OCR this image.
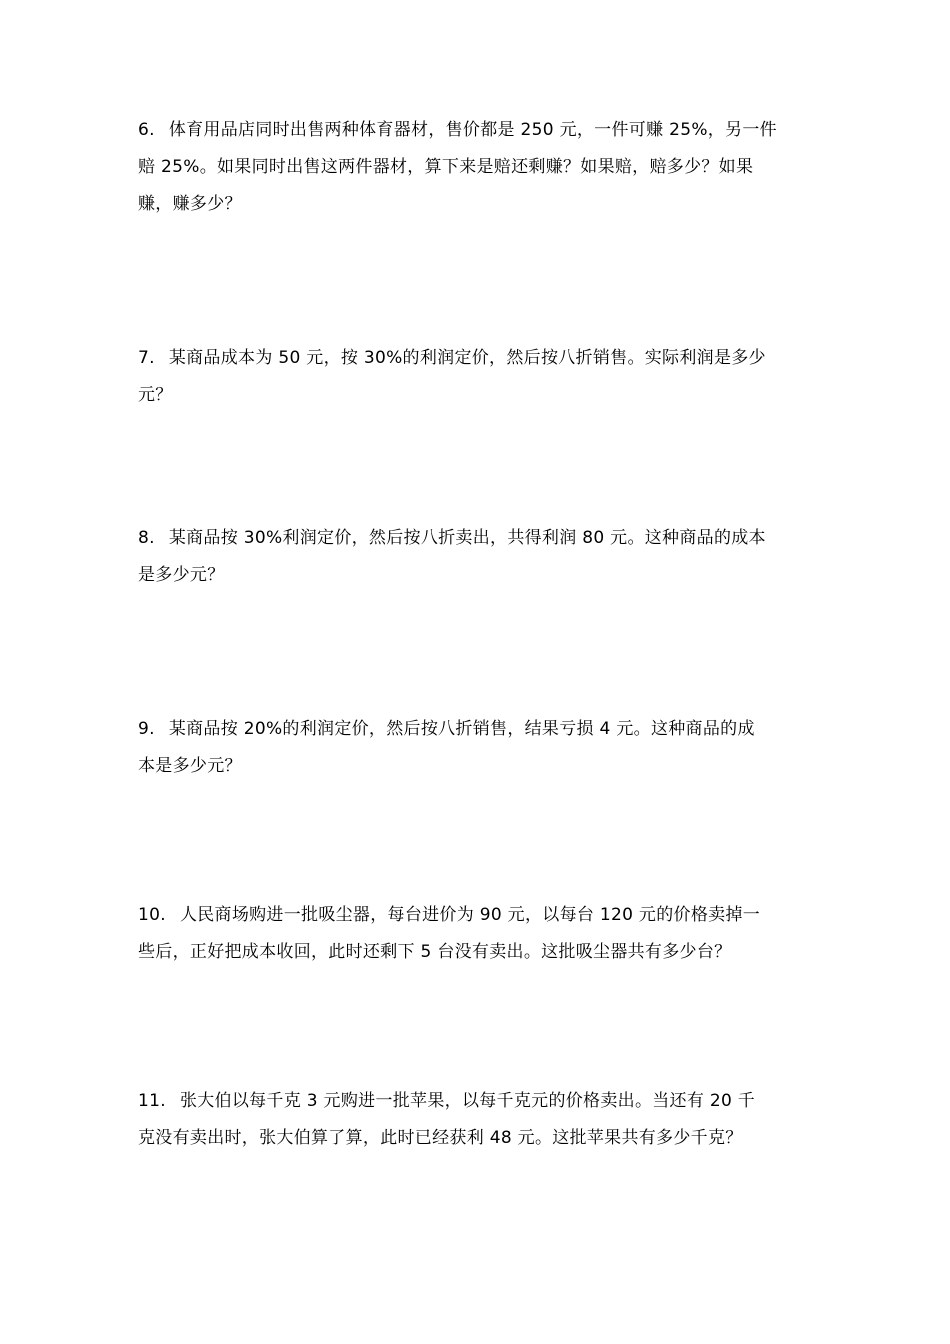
6. 体育用品店同时出售两种体育器材，售价都是 250 元，一件可赚 25%，另一件
赔 25%。如果同时出售这两件器材，算下来是赔还剩赚？如果赔，赔多少？如果
赚，赚多少？
7. 某商品成本为 50 元，按 30%的利润定价，然后按八折销售。实际利润是多少
元？
8. 某商品按 30%利润定价，然后按八折卖出，共得利润 80 元。这种商品的成本
是多少元？
9. 某商品按 20%的利润定价，然后按八折销售，结果亏损 4 元。这种商品的成
本是多少元？
10. 人民商场购进一批吸尘器，每台进价为 90 元，以每台 120 元的价格卖掉一
些后，正好把成本收回，此时还剩下 5 台没有卖出。这批吸尘器共有多少台？
11. 张大伯以每千克 3 元购进一批苹果，以每千克元的价格卖出。当还有 20 千
克没有卖出时，张大伯算了算，此时已经获利 48 元。这批苹果共有多少千克？
